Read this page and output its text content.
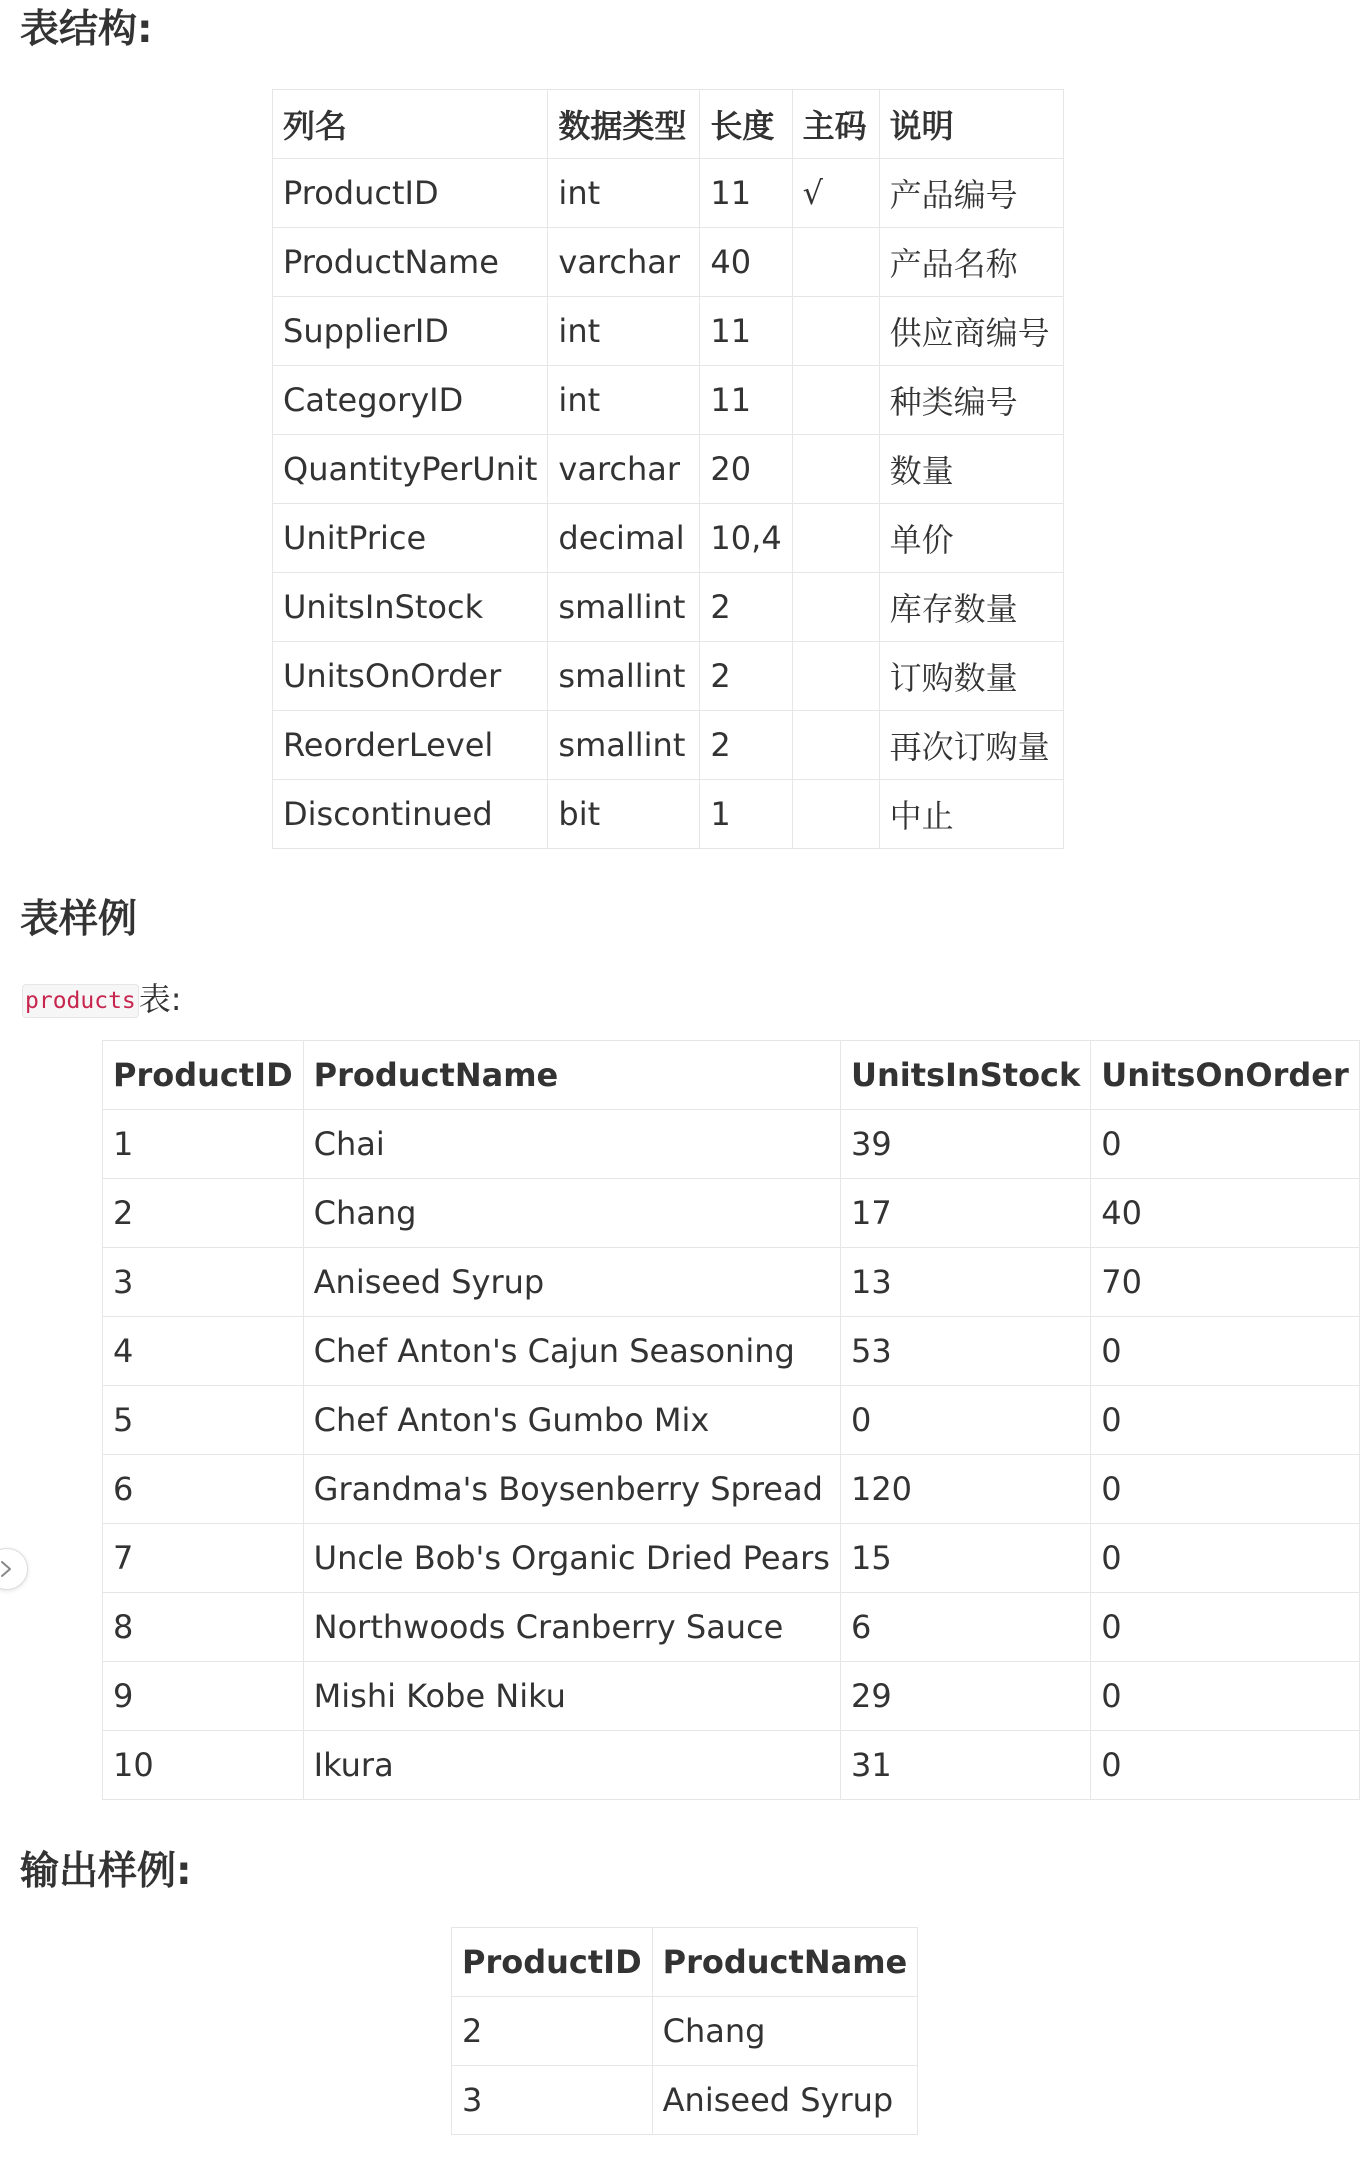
表结构:
列名	数据类型	长度	主码	说明
ProductID	int	11	√	产品编号
ProductName	varchar	40		产品名称
SupplierID	int	11		供应商编号
CategoryID	int	11		种类编号
QuantityPerUnit	varchar	20		数量
UnitPrice	decimal	10,4		单价
UnitsInStock	smallint	2		库存数量
UnitsOnOrder	smallint	2		订购数量
ReorderLevel	smallint	2		再次订购量
Discontinued	bit	1		中止
表样例
products表:
ProductID	ProductName	UnitsInStock	UnitsOnOrder
1	Chai	39	0
2	Chang	17	40
3	Aniseed Syrup	13	70
4	Chef Anton's Cajun Seasoning	53	0
5	Chef Anton's Gumbo Mix	0	0
6	Grandma's Boysenberry Spread	120	0
7	Uncle Bob's Organic Dried Pears	15	0
8	Northwoods Cranberry Sauce	6	0
9	Mishi Kobe Niku	29	0
10	Ikura	31	0
输出样例:
ProductID	ProductName
2	Chang
3	Aniseed Syrup
